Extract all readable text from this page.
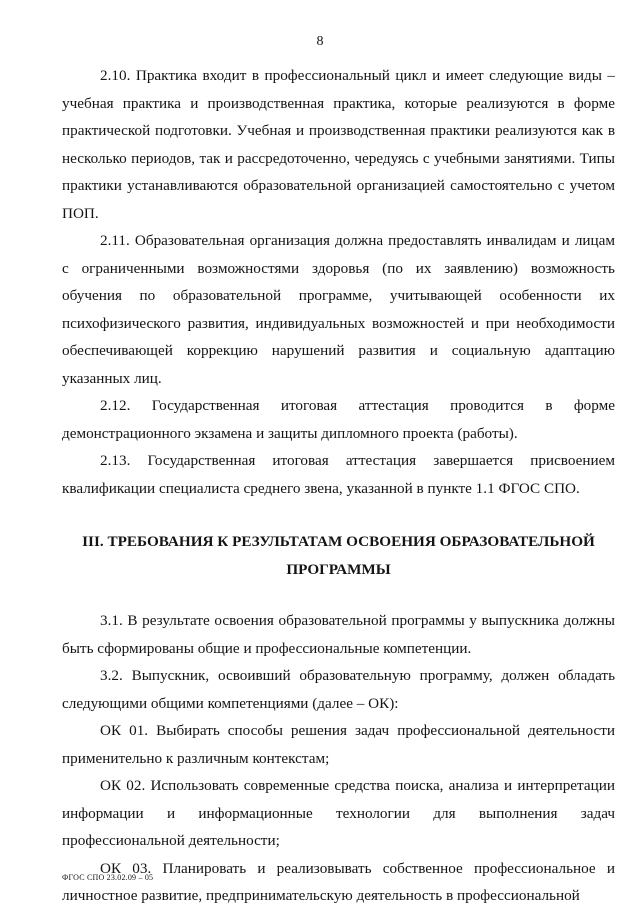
8

2.10. Практика входит в профессиональный цикл и имеет следующие виды – учебная практика и производственная практика, которые реализуются в форме практической подготовки. Учебная и производственная практики реализуются как в несколько периодов, так и рассредоточенно, чередуясь с учебными занятиями. Типы практики устанавливаются образовательной организацией самостоятельно с учетом ПОП.

2.11. Образовательная организация должна предоставлять инвалидам и лицам с ограниченными возможностями здоровья (по их заявлению) возможность обучения по образовательной программе, учитывающей особенности их психофизического развития, индивидуальных возможностей и при необходимости обеспечивающей коррекцию нарушений развития и социальную адаптацию указанных лиц.

2.12. Государственная итоговая аттестация проводится в форме демонстрационного экзамена и защиты дипломного проекта (работы).

2.13. Государственная итоговая аттестация завершается присвоением квалификации специалиста среднего звена, указанной в пункте 1.1 ФГОС СПО.

III. ТРЕБОВАНИЯ К РЕЗУЛЬТАТАМ ОСВОЕНИЯ ОБРАЗОВАТЕЛЬНОЙ ПРОГРАММЫ

3.1. В результате освоения образовательной программы у выпускника должны быть сформированы общие и профессиональные компетенции.

3.2. Выпускник, освоивший образовательную программу, должен обладать следующими общими компетенциями (далее – ОК):

ОК 01. Выбирать способы решения задач профессиональной деятельности применительно к различным контекстам;

ОК 02. Использовать современные средства поиска, анализа и интерпретации информации и информационные технологии для выполнения задач профессиональной деятельности;

ОК 03. Планировать и реализовывать собственное профессиональное и личностное развитие, предпринимательскую деятельность в профессиональной

ФГОС СПО 23.02.09 – 05
